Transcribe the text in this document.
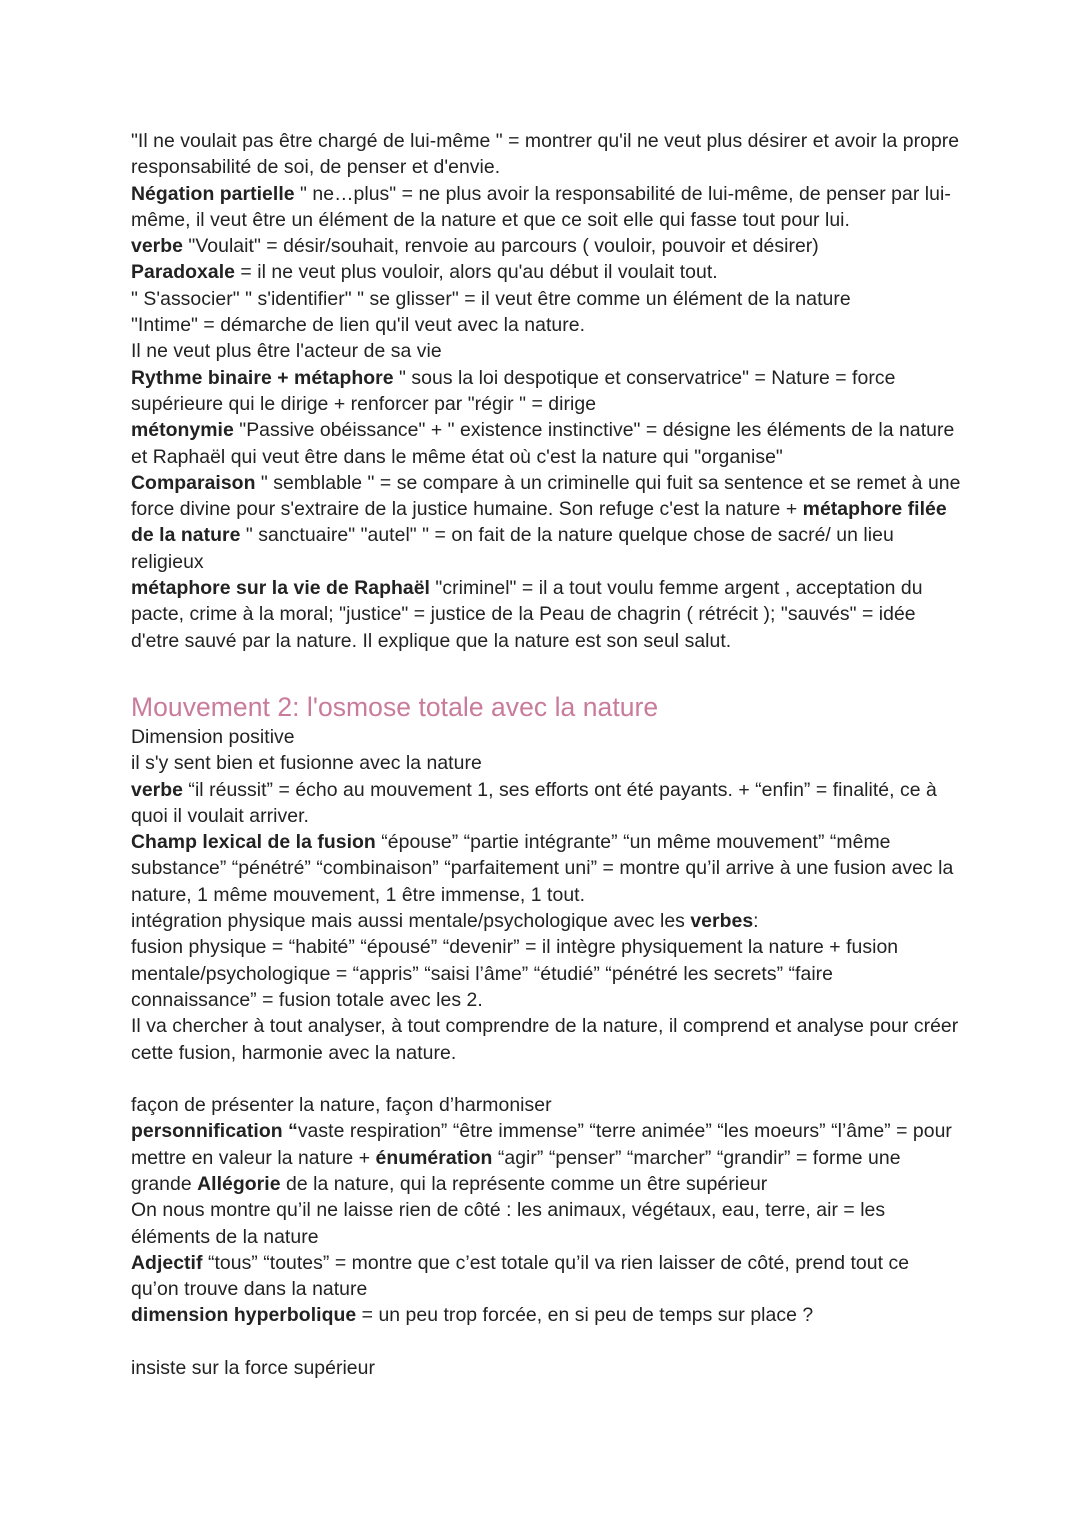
"Il ne voulait pas être chargé de lui-même " = montrer qu'il ne veut plus désirer et avoir la propre responsabilité de soi, de penser et d'envie.

Négation partielle " ne…plus" = ne plus avoir la responsabilité de lui-même, de penser par lui-même, il veut être un élément de la nature et que ce soit elle qui fasse tout pour lui.

verbe "Voulait" = désir/souhait, renvoie au parcours ( vouloir, pouvoir et désirer)

Paradoxale = il ne veut plus vouloir, alors qu'au début il voulait tout.

" S'associer" " s'identifier" " se glisser" = il veut être comme un élément de la nature

"Intime" = démarche de lien qu'il veut avec la nature.

Il ne veut plus être l'acteur de sa vie

Rythme binaire + métaphore " sous la loi despotique et conservatrice" = Nature = force supérieure qui le dirige + renforcer par "régir " = dirige

métonymie "Passive obéissance" + " existence instinctive" = désigne les éléments de la nature et Raphaël qui veut être dans le même état où c'est la nature qui "organise"

Comparaison " semblable " = se compare à un criminelle qui fuit sa sentence et se remet à une force divine pour s'extraire de la justice humaine. Son refuge c'est la nature + métaphore filée de la nature " sanctuaire" "autel" " = on fait de la nature quelque chose de sacré/ un lieu religieux

métaphore sur la vie de Raphaël "criminel" = il a tout voulu femme argent , acceptation du pacte, crime à la moral; "justice" = justice de la Peau de chagrin ( rétrécit ); "sauvés" = idée d'etre sauvé par la nature. Il explique que la nature est son seul salut.

Mouvement 2: l'osmose totale avec la nature

Dimension positive

il s'y sent bien et fusionne avec la nature

verbe “il réussit” = écho au mouvement 1, ses efforts ont été payants. + “enfin” = finalité, ce à quoi il voulait arriver.

Champ lexical de la fusion “épouse” “partie intégrante” “un même mouvement” “même substance” “pénétré” “combinaison” “parfaitement uni” = montre qu’il arrive à une fusion avec la nature, 1 même mouvement, 1 être immense, 1 tout.

intégration physique mais aussi mentale/psychologique avec les verbes:

fusion physique = “habité” “épousé” “devenir” = il intègre physiquement la nature + fusion mentale/psychologique = “appris” “saisi l’âme” “étudié” “pénétré les secrets” “faire connaissance” = fusion totale avec les 2.

Il va chercher à tout analyser, à tout comprendre de la nature, il comprend et analyse pour créer cette fusion, harmonie avec la nature.

façon de présenter la nature, façon d’harmoniser

personnification “vaste respiration” “être immense” “terre animée” “les moeurs” “l’âme” = pour mettre en valeur la nature + énumération “agir” “penser” “marcher” “grandir” = forme une grande Allégorie de la nature, qui la représente comme un être supérieur

On nous montre qu’il ne laisse rien de côté : les animaux, végétaux, eau, terre, air = les éléments de la nature

Adjectif “tous” “toutes” = montre que c’est totale qu’il va rien laisser de côté, prend tout ce qu’on trouve dans la nature

dimension hyperbolique = un peu trop forcée, en si peu de temps sur place ?

insiste sur la force supérieur
